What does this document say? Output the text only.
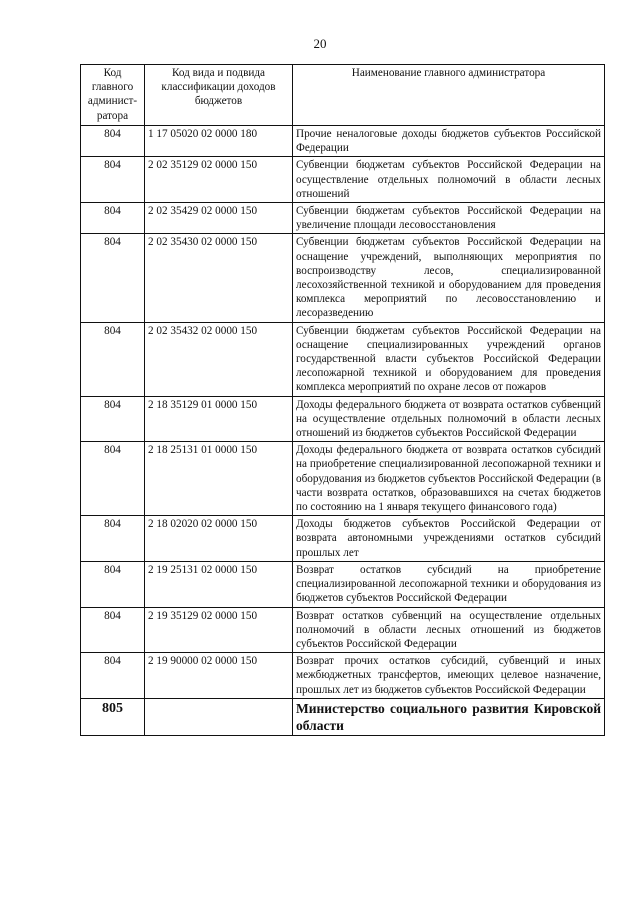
20
Код главного админист-ратора	Код вида и подвида классификации доходов бюджетов	Наименование главного администратора
804	1 17 05020 02 0000 180	Прочие неналоговые доходы бюджетов субъектов Российской Федерации
804	2 02 35129 02 0000 150	Субвенции бюджетам субъектов Российской Федерации на осуществление отдельных полномочий в области лесных отношений
804	2 02 35429 02 0000 150	Субвенции бюджетам субъектов Российской Федерации на увеличение площади лесовосстановления
804	2 02 35430 02 0000 150	Субвенции бюджетам субъектов Российской Федерации на оснащение учреждений, выполняющих мероприятия по воспроизводству лесов, специализированной лесохозяйственной техникой и оборудованием для проведения комплекса мероприятий по лесовосстановлению и лесоразведению
804	2 02 35432 02 0000 150	Субвенции бюджетам субъектов Российской Федерации на оснащение специализированных учреждений органов государственной власти субъектов Российской Федерации лесопожарной техникой и оборудованием для проведения комплекса мероприятий по охране лесов от пожаров
804	2 18 35129 01 0000 150	Доходы федерального бюджета от возврата остатков субвенций на осуществление отдельных полномочий в области лесных отношений из бюджетов субъектов Российской Федерации
804	2 18 25131 01 0000 150	Доходы федерального бюджета от возврата остатков субсидий на приобретение специализированной лесопожарной техники и оборудования из бюджетов субъектов Российской Федерации (в части возврата остатков, образовавшихся на счетах бюджетов по состоянию на 1 января текущего финансового года)
804	2 18 02020 02 0000 150	Доходы бюджетов субъектов Российской Федерации от возврата автономными учреждениями остатков субсидий прошлых лет
804	2 19 25131 02 0000 150	Возврат остатков субсидий на приобретение специализированной лесопожарной техники и оборудования из бюджетов субъектов Российской Федерации
804	2 19 35129 02 0000 150	Возврат остатков субвенций на осуществление отдельных полномочий в области лесных отношений из бюджетов субъектов Российской Федерации
804	2 19 90000 02 0000 150	Возврат прочих остатков субсидий, субвенций и иных межбюджетных трансфертов, имеющих целевое назначение, прошлых лет из бюджетов субъектов Российской Федерации
805		Министерство социального развития Кировской области
